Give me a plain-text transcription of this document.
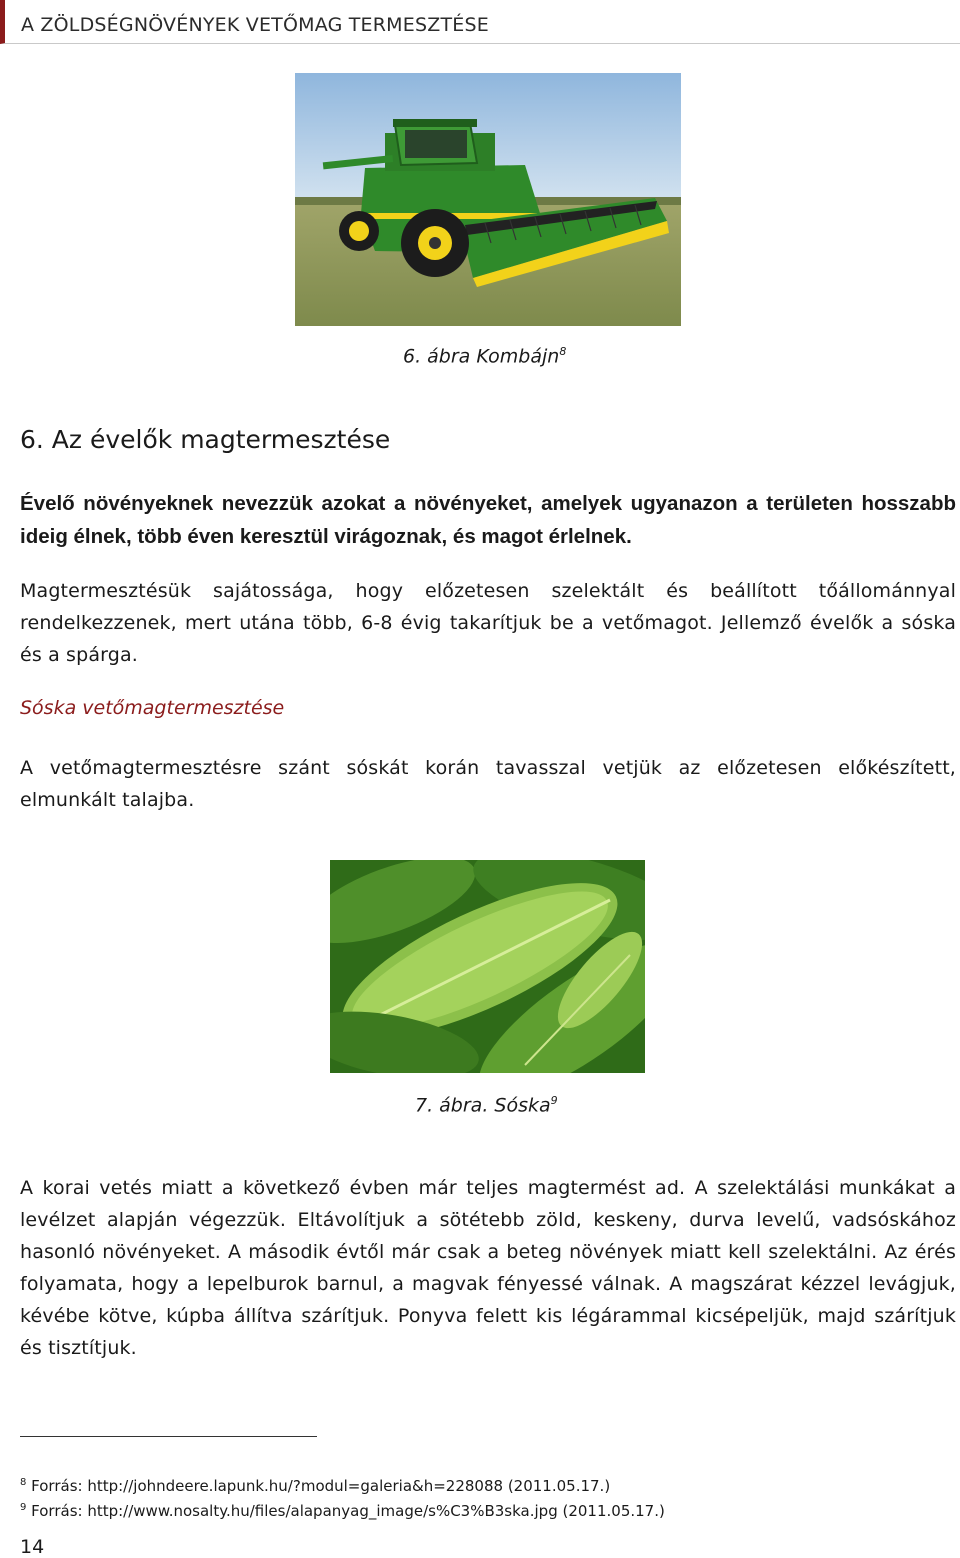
A ZÖLDSÉGNÖVÉNYEK VETŐMAG TERMESZTÉSE
6. ábra Kombájn$^8$
6. Az évelők magtermesztése
Évelő növényeknek nevezzük azokat a növényeket, amelyek ugyanazon a területen hosszabb ideig élnek, több éven keresztül virágoznak, és magot érlelnek.
Magtermesztésük sajátossága, hogy előzetesen szelektált és beállított tőállománnyal rendelkezzenek, mert utána több, 6-8 évig takarítjuk be a vetőmagot. Jellemző évelők a sóska és a spárga.
Sóska vetőmagtermesztése
A vetőmagtermesztésre szánt sóskát korán tavasszal vetjük az előzetesen előkészített, elmunkált talajba.
7. ábra. Sóska$^9$
A korai vetés miatt a következő évben már teljes magtermést ad. A szelektálási munkákat a levélzet alapján végezzük. Eltávolítjuk a sötétebb zöld, keskeny, durva levelű, vadsóskához hasonló növényeket. A második évtől már csak a beteg növények miatt kell szelektálni. Az érés folyamata, hogy a lepelburok barnul, a magvak fényessé válnak. A magszárat kézzel levágjuk, kévébe kötve, kúpba állítva szárítjuk. Ponyva felett kis légárammal kicsépeljük, majd szárítjuk és tisztítjuk.
$^8$ Forrás: http://johndeere.lapunk.hu/?modul=galeria&h=228088 (2011.05.17.)
$^9$ Forrás: http://www.nosalty.hu/files/alapanyag_image/s%C3%B3ska.jpg (2011.05.17.)
14
